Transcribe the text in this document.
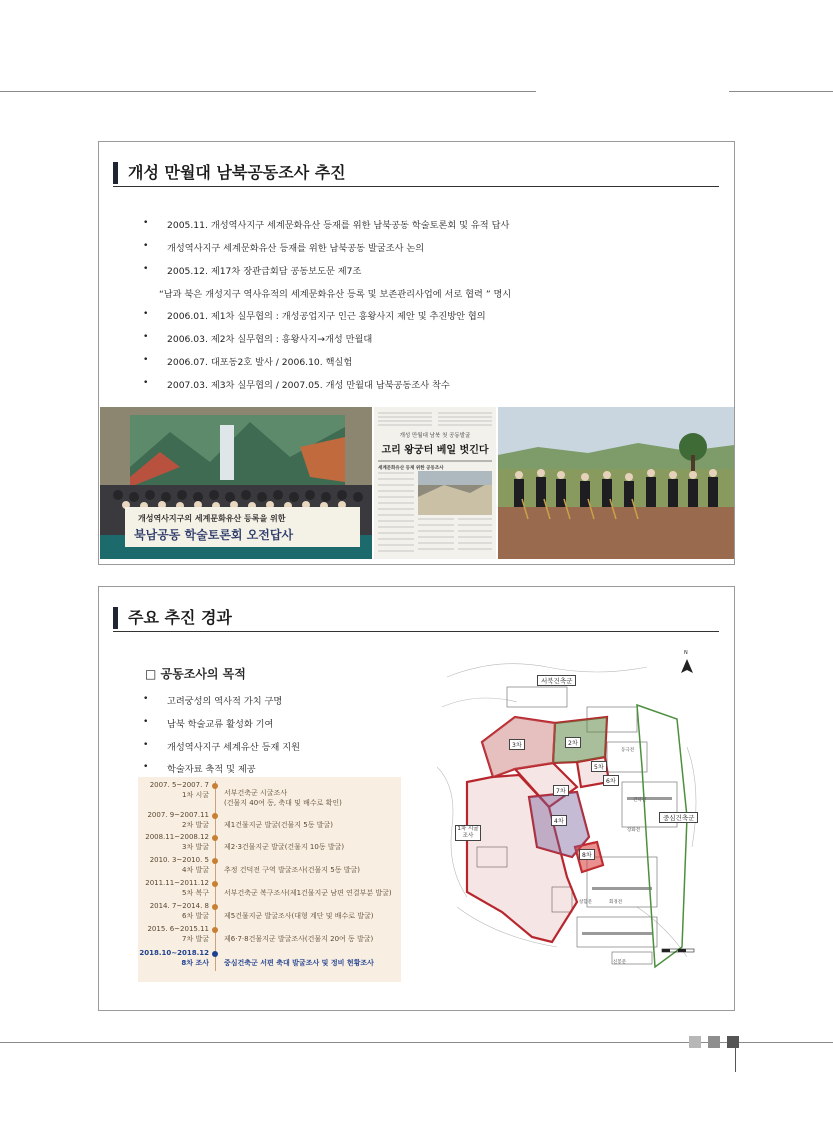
개성 만월대 남북공동조사 추진
• 2005.11. 개성역사지구 세계문화유산 등재를 위한 남북공동 학술토론회 및 유적 답사
• 개성역사지구 세계문화유산 등재를 위한 남북공동 발굴조사 논의
• 2005.12. 제17차 장관급회담 공동보도문 제7조
“남과 북은 개성지구 역사유적의 세계문화유산 등록 및 보존관리사업에 서로 협력 ” 명시
• 2006.01. 제1차 실무협의 : 개성공업지구 인근 흥왕사지 제안 및 추진방안 협의
• 2006.03. 제2차 실무협의 : 흥왕사지→개성 만월대
• 2006.07. 대포동2호 발사 / 2006.10. 핵실험
• 2007.03. 제3차 실무협의 / 2007.05. 개성 만월대 남북공동조사 착수
개성역사지구의 세계문화유산 등록을 위한
북남공동 학술토론회 오전답사
개성 만월대 남북 첫 공동발굴
고리 왕궁터 베일 벗긴다
세계문화유산 등재 위한 공동조사
주요 추진 경과
□ 공동조사의 목적
• 고려궁성의 역사적 가치 구명
• 남북 학술교류 활성화 기여
• 개성역사지구 세계유산 등재 지원
• 학술자료 축적 및 제공
2007. 5~2007. 7
1차 시굴 서부건축군 시굴조사
(건물지 40여 동, 축대 및 배수로 확인)
2007. 9~2007.11
2차 발굴 제1건물지군 발굴(건물지 5동 발굴)
2008.11~2008.12
3차 발굴 제2·3건물지군 발굴(건물지 10동 발굴)
2010. 3~2010. 5
4차 발굴 추정 건덕전 구역 발굴조사(건물지 5동 발굴)
2011.11~2011.12
5차 복구 서부건축군 복구조사(제1건물지군 남편 연결부분 발굴)
2014. 7~2014. 8
6차 발굴 제5건물지군 발굴조사(대형 계단 및 배수로 발굴)
2015. 6~2015.11
7차 발굴 제6·7·8건물지군 발굴조사(건물지 20여 동 발굴)
2018.10~2018.12
8차 조사 중심건축군 서편 축대 발굴조사 및 정비 현황조사
서북건축군
중심건축군
1차 시굴조사
2차
3차
4차
5차
6차
7차
8차
동극전
건덕전
장화전
회경전
창합문
신봉문
N
